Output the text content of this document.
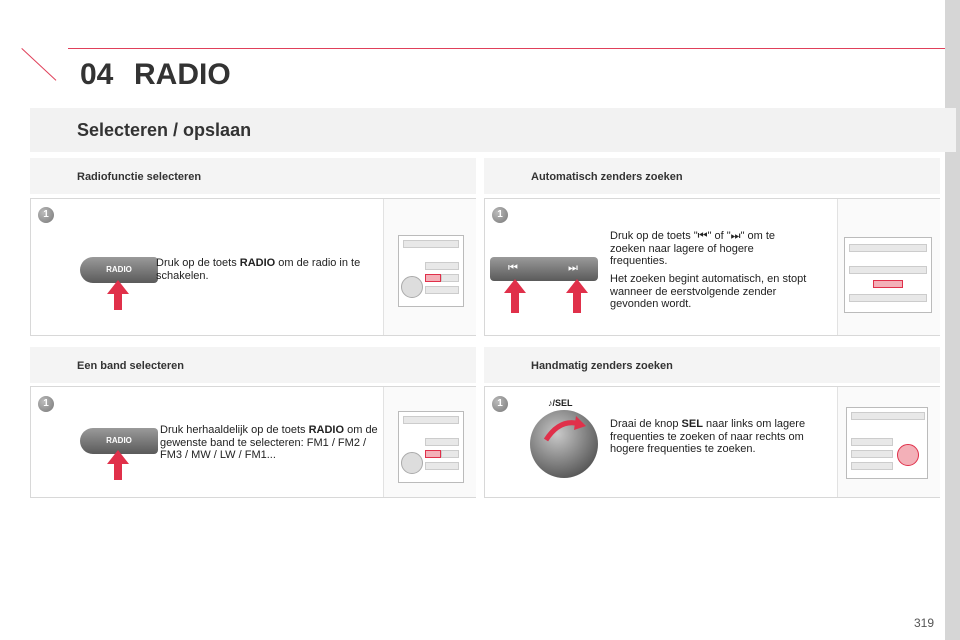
04 RADIO
Selecteren / opslaan
Radiofunctie selecteren
1
RADIO
Druk op de toets RADIO om de radio in te schakelen.
Een band selecteren
1
RADIO
Druk herhaaldelijk op de toets RADIO om de gewenste band te selecteren: FM1 / FM2 / FM3 / MW / LW / FM1...
Automatisch zenders zoeken
1
⏮	⏭
Druk op de toets "⏮" of "⏭" om te zoeken naar lagere of hogere frequenties.
Het zoeken begint automatisch, en stopt wanneer de eerstvolgende zender gevonden wordt.
Handmatig zenders zoeken
1	♪/SEL
Draai de knop SEL naar links om lagere frequenties te zoeken of naar rechts om hogere frequenties te zoeken.
319
